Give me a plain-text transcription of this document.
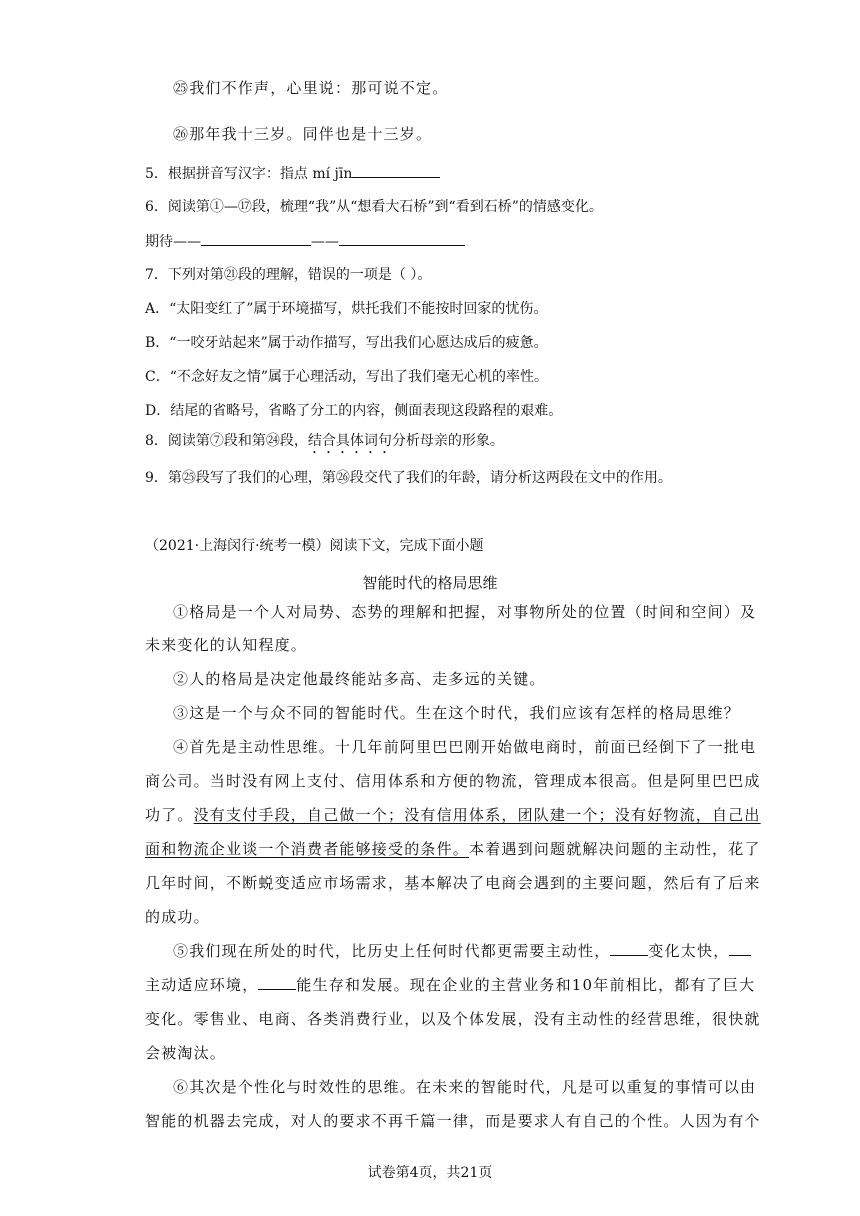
㉕我们不作声，心里说：那可说不定。
㉖那年我十三岁。同伴也是十三岁。
5．根据拼音写汉字：指点 mí jīn
6．阅读第①—⑰段，梳理“我”从“想看大石桥”到“看到石桥”的情感变化。
期待——	——
7．下列对第㉑段的理解，错误的一项是（ ）。
A．“太阳变红了”属于环境描写，烘托我们不能按时回家的忧伤。
B．“一咬牙站起来”属于动作描写，写出我们心愿达成后的疲惫。
C．“不念好友之情”属于心理活动，写出了我们毫无心机的率性。
D．结尾的省略号，省略了分工的内容，侧面表现这段路程的艰难。
8．阅读第⑦段和第㉔段，结合具体词句分析母亲的形象。
9．第㉕段写了我们的心理，第㉖段交代了我们的年龄，请分析这两段在文中的作用。
（2021·上海闵行·统考一模）阅读下文，完成下面小题
智能时代的格局思维
①格局是一个人对局势、态势的理解和把握，对事物所处的位置（时间和空间）及
未来变化的认知程度。
②人的格局是决定他最终能站多高、走多远的关键。
③这是一个与众不同的智能时代。生在这个时代，我们应该有怎样的格局思维？
④首先是主动性思维。十几年前阿里巴巴刚开始做电商时，前面已经倒下了一批电
商公司。当时没有网上支付、信用体系和方便的物流，管理成本很高。但是阿里巴巴成
功了。没有支付手段，自己做一个；没有信用体系，团队建一个；没有好物流，自己出
面和物流企业谈一个消费者能够接受的条件。本着遇到问题就解决问题的主动性，花了
几年时间，不断蜕变适应市场需求，基本解决了电商会遇到的主要问题，然后有了后来
的成功。
⑤我们现在所处的时代，比历史上任何时代都更需要主动性，	变化太快，
主动适应环境，	能生存和发展。现在企业的主营业务和10年前相比，都有了巨大
变化。零售业、电商、各类消费行业，以及个体发展，没有主动性的经营思维，很快就
会被淘汰。
⑥其次是个性化与时效性的思维。在未来的智能时代，凡是可以重复的事情可以由
智能的机器去完成，对人的要求不再千篇一律，而是要求人有自己的个性。人因为有个
试卷第4页，共21页
